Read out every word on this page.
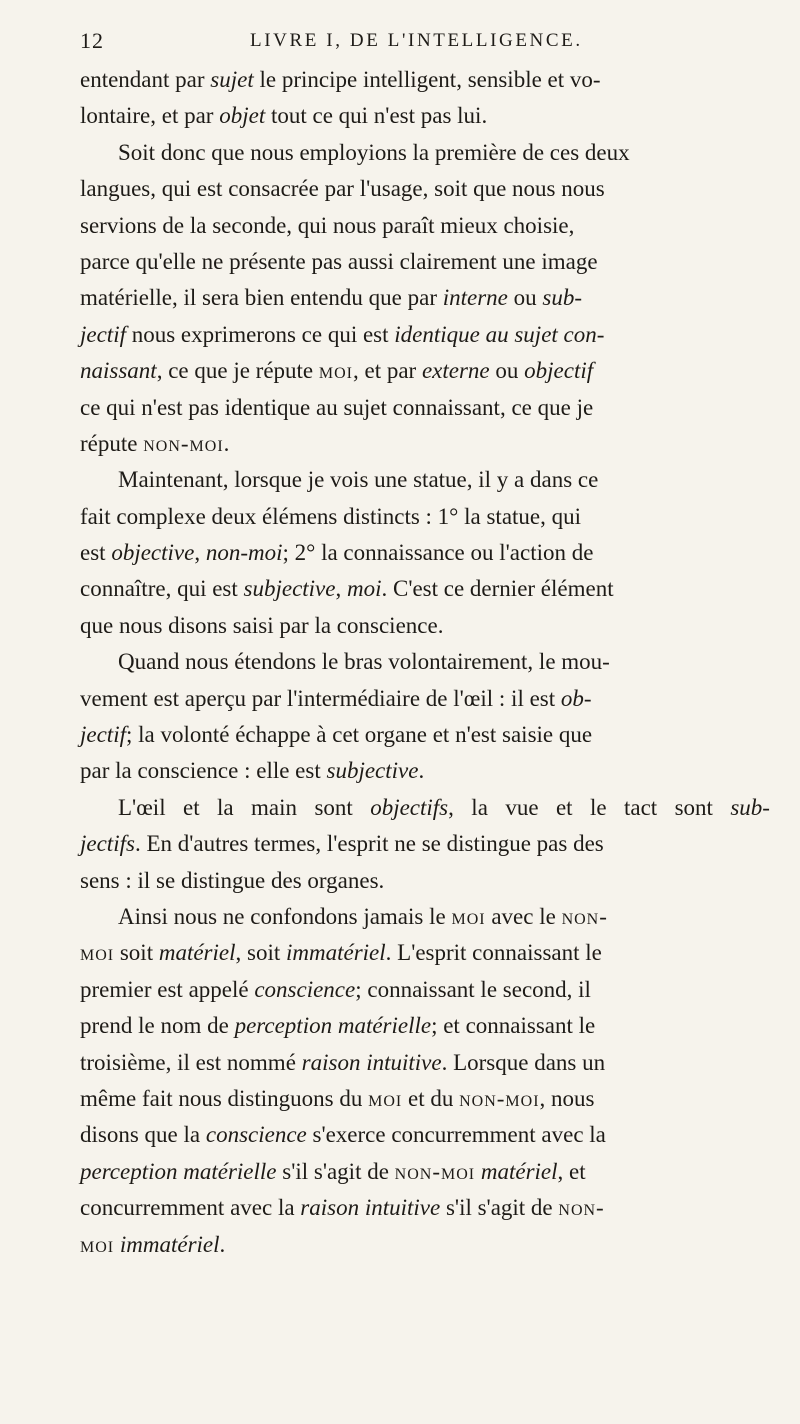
12	LIVRE I, DE L'INTELLIGENCE.
entendant par sujet le principe intelligent, sensible et vo-
lontaire, et par objet tout ce qui n'est pas lui.
Soit donc que nous employions la première de ces deux
langues, qui est consacrée par l'usage, soit que nous nous
servions de la seconde, qui nous paraît mieux choisie,
parce qu'elle ne présente pas aussi clairement une image
matérielle, il sera bien entendu que par interne ou sub-
jectif nous exprimerons ce qui est identique au sujet con-
naissant, ce que je répute moi, et par externe ou objectif
ce qui n'est pas identique au sujet connaissant, ce que je
répute non-moi.
Maintenant, lorsque je vois une statue, il y a dans ce
fait complexe deux élémens distincts : 1° la statue, qui
est objective, non-moi; 2° la connaissance ou l'action de
connaître, qui est subjective, moi. C'est ce dernier élément
que nous disons saisi par la conscience.
Quand nous étendons le bras volontairement, le mou-
vement est aperçu par l'intermédiaire de l'œil : il est ob-
jectif; la volonté échappe à cet organe et n'est saisie que
par la conscience : elle est subjective.
L'œil et la main sont objectifs, la vue et le tact sont sub-
jectifs. En d'autres termes, l'esprit ne se distingue pas des
sens : il se distingue des organes.
Ainsi nous ne confondons jamais le moi avec le non-
moi soit matériel, soit immatériel. L'esprit connaissant le
premier est appelé conscience; connaissant le second, il
prend le nom de perception matérielle; et connaissant le
troisième, il est nommé raison intuitive. Lorsque dans un
même fait nous distinguons du moi et du non-moi, nous
disons que la conscience s'exerce concurremment avec la
perception matérielle s'il s'agit de non-moi matériel, et
concurremment avec la raison intuitive s'il s'agit de non-
moi immatériel.
